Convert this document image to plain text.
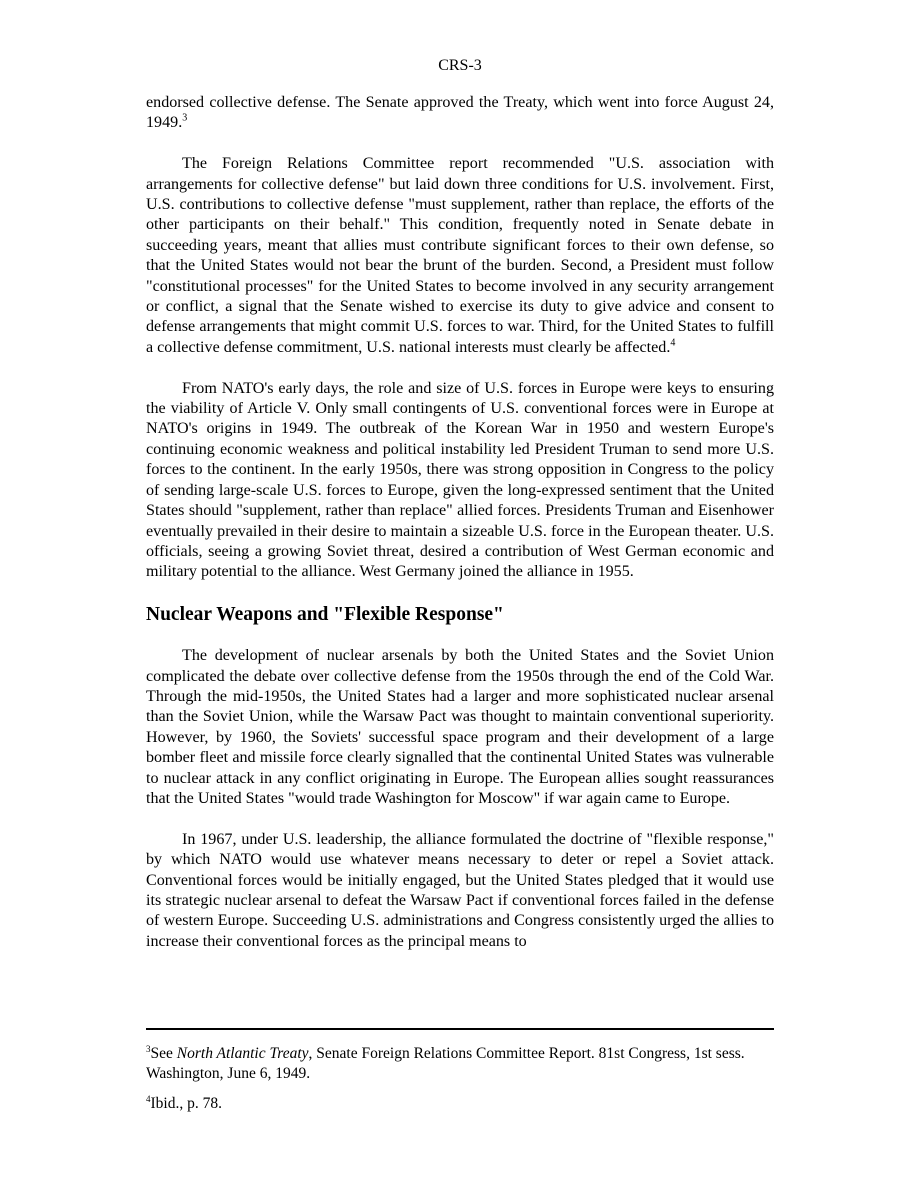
CRS-3

endorsed collective defense. The Senate approved the Treaty, which went into force August 24, 1949.$^3$

The Foreign Relations Committee report recommended "U.S. association with arrangements for collective defense" but laid down three conditions for U.S. involvement. First, U.S. contributions to collective defense "must supplement, rather than replace, the efforts of the other participants on their behalf." This condition, frequently noted in Senate debate in succeeding years, meant that allies must contribute significant forces to their own defense, so that the United States would not bear the brunt of the burden. Second, a President must follow "constitutional processes" for the United States to become involved in any security arrangement or conflict, a signal that the Senate wished to exercise its duty to give advice and consent to defense arrangements that might commit U.S. forces to war. Third, for the United States to fulfill a collective defense commitment, U.S. national interests must clearly be affected.$^4$

From NATO's early days, the role and size of U.S. forces in Europe were keys to ensuring the viability of Article V. Only small contingents of U.S. conventional forces were in Europe at NATO's origins in 1949. The outbreak of the Korean War in 1950 and western Europe's continuing economic weakness and political instability led President Truman to send more U.S. forces to the continent. In the early 1950s, there was strong opposition in Congress to the policy of sending large-scale U.S. forces to Europe, given the long-expressed sentiment that the United States should "supplement, rather than replace" allied forces. Presidents Truman and Eisenhower eventually prevailed in their desire to maintain a sizeable U.S. force in the European theater. U.S. officials, seeing a growing Soviet threat, desired a contribution of West German economic and military potential to the alliance. West Germany joined the alliance in 1955.

Nuclear Weapons and "Flexible Response"

The development of nuclear arsenals by both the United States and the Soviet Union complicated the debate over collective defense from the 1950s through the end of the Cold War. Through the mid-1950s, the United States had a larger and more sophisticated nuclear arsenal than the Soviet Union, while the Warsaw Pact was thought to maintain conventional superiority. However, by 1960, the Soviets' successful space program and their development of a large bomber fleet and missile force clearly signalled that the continental United States was vulnerable to nuclear attack in any conflict originating in Europe. The European allies sought reassurances that the United States "would trade Washington for Moscow" if war again came to Europe.

In 1967, under U.S. leadership, the alliance formulated the doctrine of "flexible response," by which NATO would use whatever means necessary to deter or repel a Soviet attack. Conventional forces would be initially engaged, but the United States pledged that it would use its strategic nuclear arsenal to defeat the Warsaw Pact if conventional forces failed in the defense of western Europe. Succeeding U.S. administrations and Congress consistently urged the allies to increase their conventional forces as the principal means to

$^3$See North Atlantic Treaty, Senate Foreign Relations Committee Report. 81st Congress, 1st sess. Washington, June 6, 1949.

$^4$Ibid., p. 78.
